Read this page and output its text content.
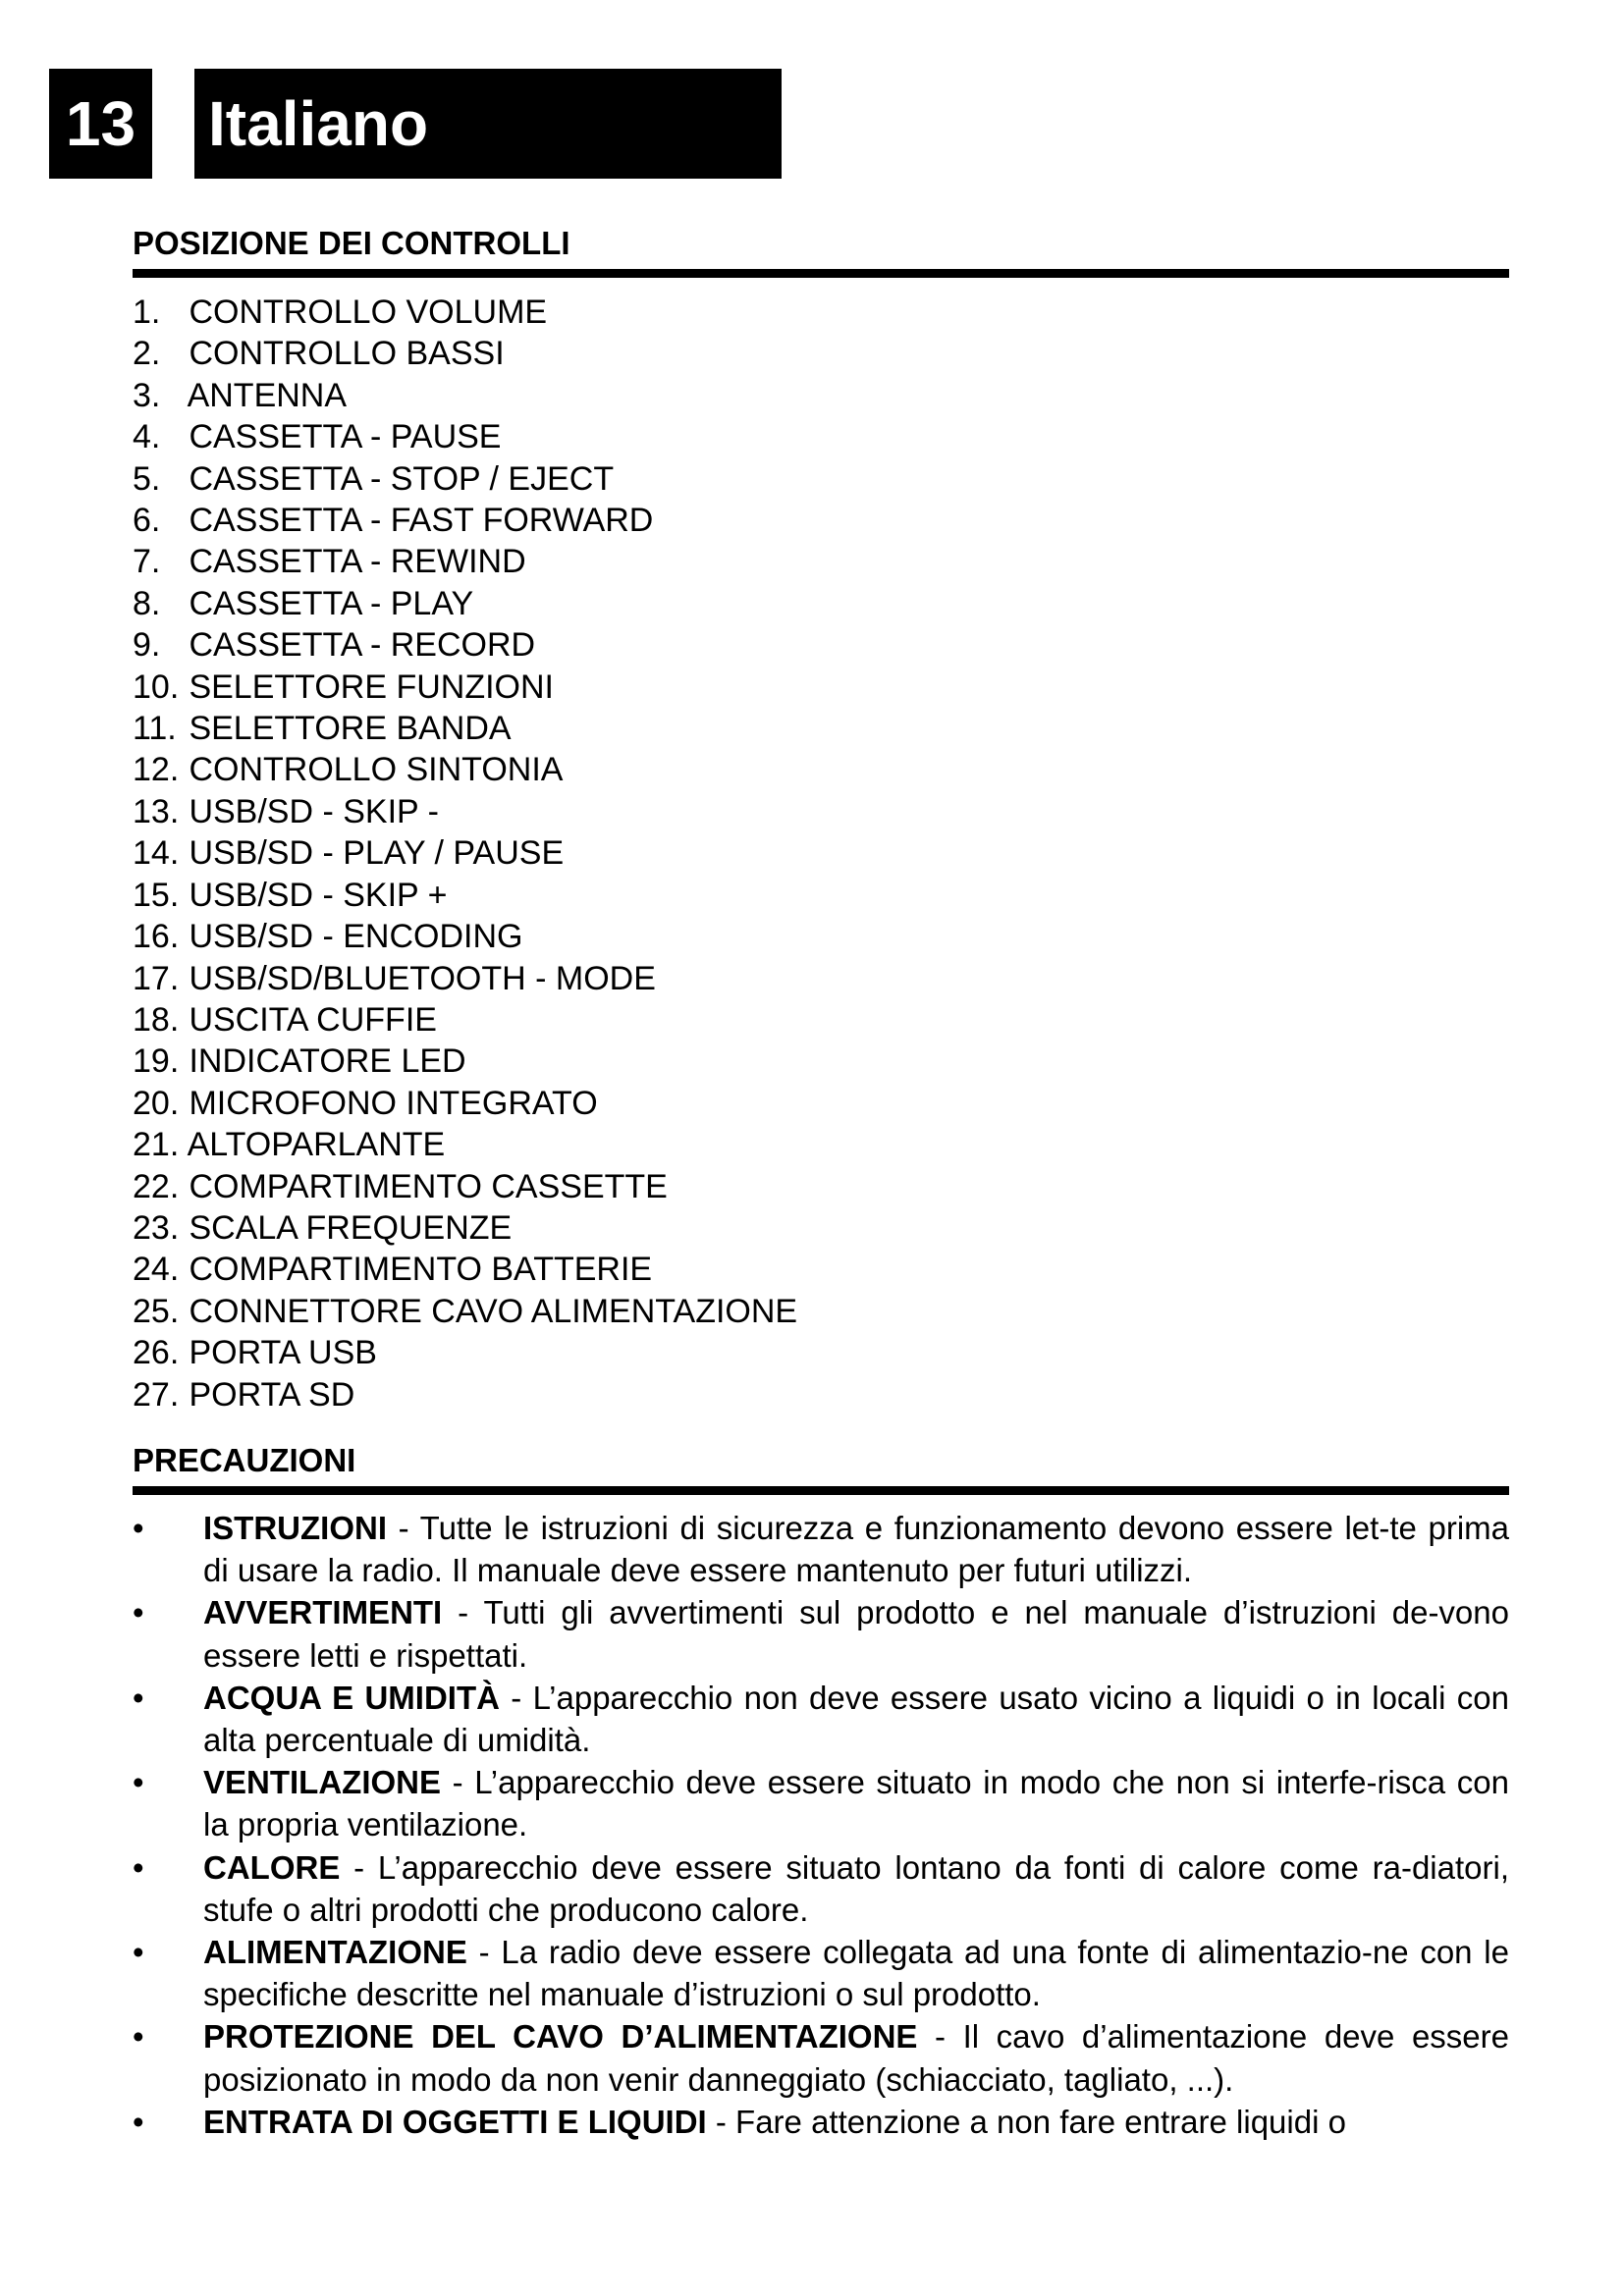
13 Italiano
POSIZIONE DEI CONTROLLI
1. CONTROLLO VOLUME
2. CONTROLLO BASSI
3. ANTENNA
4. CASSETTA - PAUSE
5. CASSETTA - STOP / EJECT
6. CASSETTA - FAST FORWARD
7. CASSETTA - REWIND
8. CASSETTA - PLAY
9. CASSETTA - RECORD
10. SELETTORE FUNZIONI
11. SELETTORE BANDA
12. CONTROLLO SINTONIA
13. USB/SD - SKIP -
14. USB/SD - PLAY / PAUSE
15. USB/SD - SKIP +
16. USB/SD - ENCODING
17. USB/SD/BLUETOOTH - MODE
18. USCITA CUFFIE
19. INDICATORE LED
20. MICROFONO INTEGRATO
21. ALTOPARLANTE
22. COMPARTIMENTO CASSETTE
23. SCALA FREQUENZE
24. COMPARTIMENTO BATTERIE
25. CONNETTORE CAVO ALIMENTAZIONE
26. PORTA USB
27. PORTA SD
PRECAUZIONI
• ISTRUZIONI - Tutte le istruzioni di sicurezza e funzionamento devono essere let-te prima di usare la radio. Il manuale deve essere mantenuto per futuri utilizzi.
• AVVERTIMENTI - Tutti gli avvertimenti sul prodotto e nel manuale d’istruzioni de-vono essere letti e rispettati.
• ACQUA E UMIDITÀ - L’apparecchio non deve essere usato vicino a liquidi o in locali con alta percentuale di umidità.
• VENTILAZIONE - L’apparecchio deve essere situato in modo che non si interfe-risca con la propria ventilazione.
• CALORE - L’apparecchio deve essere situato lontano da fonti di calore come ra-diatori, stufe o altri prodotti che producono calore.
• ALIMENTAZIONE - La radio deve essere collegata ad una fonte di alimentazio-ne con le specifiche descritte nel manuale d’istruzioni o sul prodotto.
• PROTEZIONE DEL CAVO D’ALIMENTAZIONE - Il cavo d’alimentazione deve essere posizionato in modo da non venir danneggiato (schiacciato, tagliato, ...).
• ENTRATA DI OGGETTI E LIQUIDI - Fare attenzione a non fare entrare liquidi o
